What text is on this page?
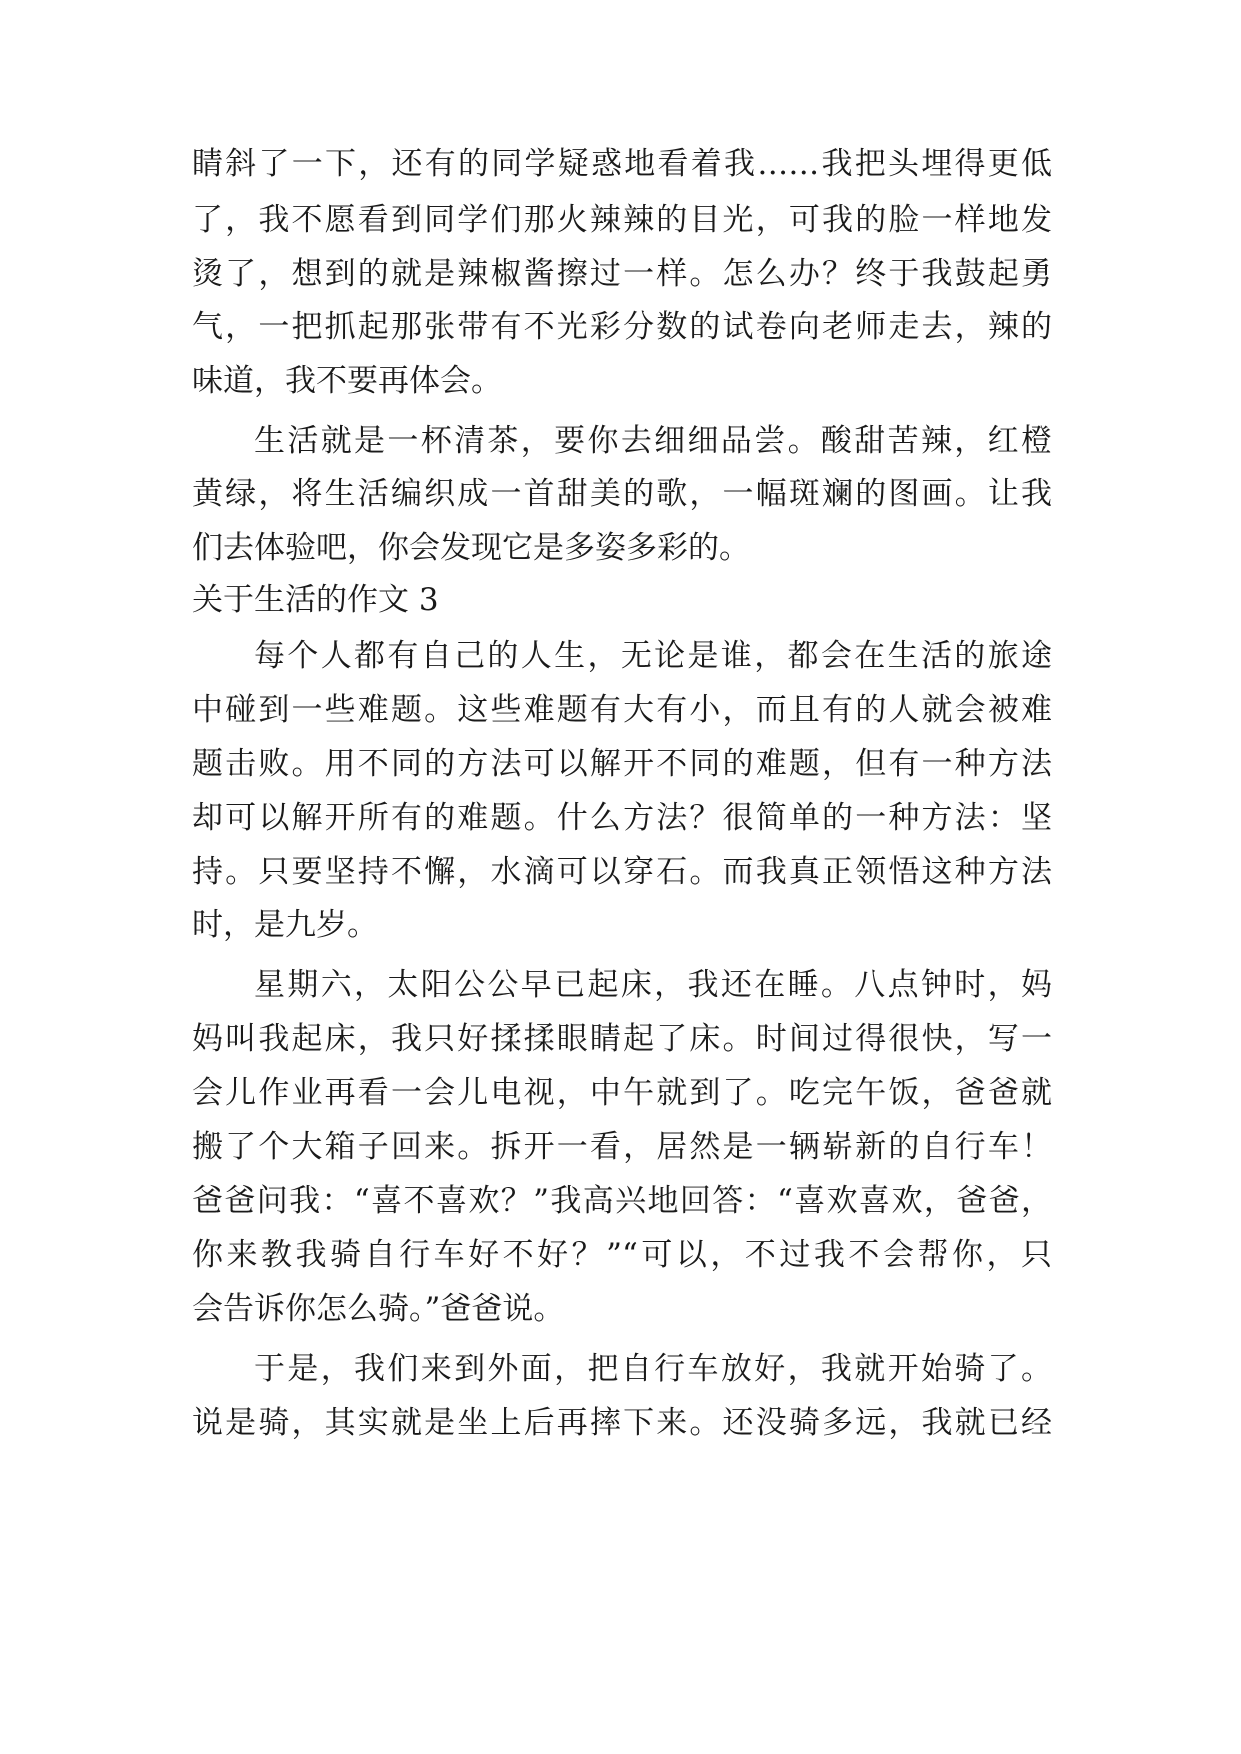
睛斜了一下，还有的同学疑惑地看着我……我把头埋得更低
了，我不愿看到同学们那火辣辣的目光，可我的脸一样地发
烫了，想到的就是辣椒酱擦过一样。怎么办？终于我鼓起勇
气，一把抓起那张带有不光彩分数的试卷向老师走去，辣的
味道，我不要再体会。
生活就是一杯清茶，要你去细细品尝。酸甜苦辣，红橙
黄绿，将生活编织成一首甜美的歌，一幅斑斓的图画。让我
们去体验吧，你会发现它是多姿多彩的。
关于生活的作文 3
每个人都有自己的人生，无论是谁，都会在生活的旅途
中碰到一些难题。这些难题有大有小，而且有的人就会被难
题击败。用不同的方法可以解开不同的难题，但有一种方法
却可以解开所有的难题。什么方法？很简单的一种方法：坚
持。只要坚持不懈，水滴可以穿石。而我真正领悟这种方法
时，是九岁。
星期六，太阳公公早已起床，我还在睡。八点钟时，妈
妈叫我起床，我只好揉揉眼睛起了床。时间过得很快，写一
会儿作业再看一会儿电视，中午就到了。吃完午饭，爸爸就
搬了个大箱子回来。拆开一看，居然是一辆崭新的自行车！
爸爸问我：“喜不喜欢？”我高兴地回答：“喜欢喜欢，爸爸，
你来教我骑自行车好不好？”“可以，不过我不会帮你，只
会告诉你怎么骑。”爸爸说。
于是，我们来到外面，把自行车放好，我就开始骑了。
说是骑，其实就是坐上后再摔下来。还没骑多远，我就已经
